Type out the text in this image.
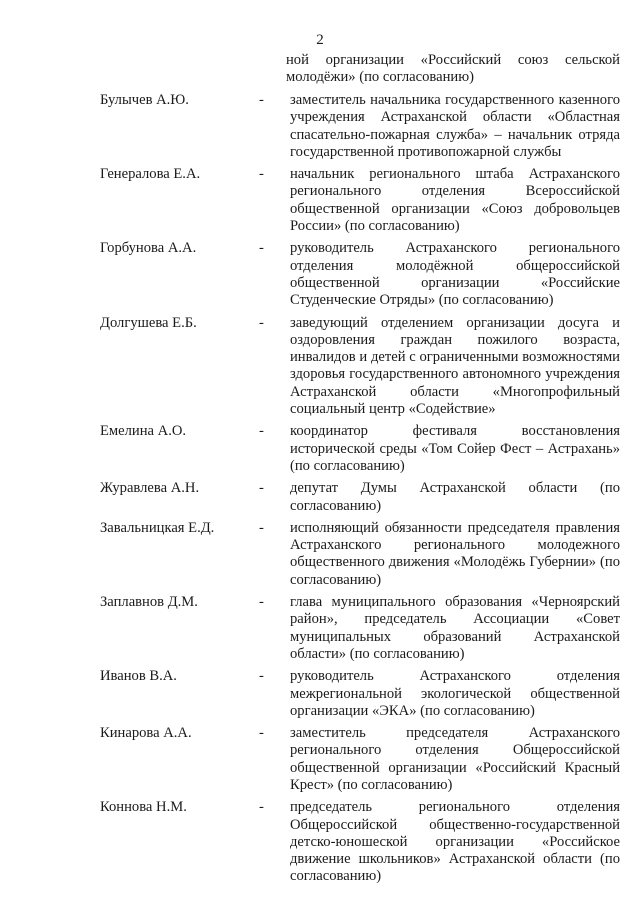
2
ной организации «Российский союз сельской молодёжи» (по согласованию)
Булычев А.Ю.	-	заместитель начальника государственного казенного учреждения Астраханской области «Областная спасательно-пожарная служба» – начальник отряда государственной противопожарной службы
Генералова Е.А.	-	начальник регионального штаба Астраханского регионального отделения Всероссийской общественной организации «Союз добровольцев России» (по согласованию)
Горбунова А.А.	-	руководитель Астраханского регионального отделения молодёжной общероссийской общественной организации «Российские Студенческие Отряды» (по согласованию)
Долгушева Е.Б.	-	заведующий отделением организации досуга и оздоровления граждан пожилого возраста, инвалидов и детей с ограниченными возможностями здоровья государственного автономного учреждения Астраханской области «Многопрофильный социальный центр «Содействие»
Емелина А.О.	-	координатор фестиваля восстановления исторической среды «Том Сойер Фест – Астрахань» (по согласованию)
Журавлева А.Н.	-	депутат Думы Астраханской области (по согласованию)
Завальницкая Е.Д.	-	исполняющий обязанности председателя правления Астраханского регионального молодежного общественного движения «Молодёжь Губернии» (по согласованию)
Заплавнов Д.М.	-	глава муниципального образования «Черноярский район», председатель Ассоциации «Совет муниципальных образований Астраханской области» (по согласованию)
Иванов В.А.	-	руководитель Астраханского отделения межрегиональной экологической общественной организации «ЭКА» (по согласованию)
Кинарова А.А.	-	заместитель председателя Астраханского регионального отделения Общероссийской общественной организации «Российский Красный Крест» (по согласованию)
Коннова Н.М.	-	председатель регионального отделения Общероссийской общественно-государственной детско-юношеской организации «Российское движение школьников» Астраханской области (по согласованию)
